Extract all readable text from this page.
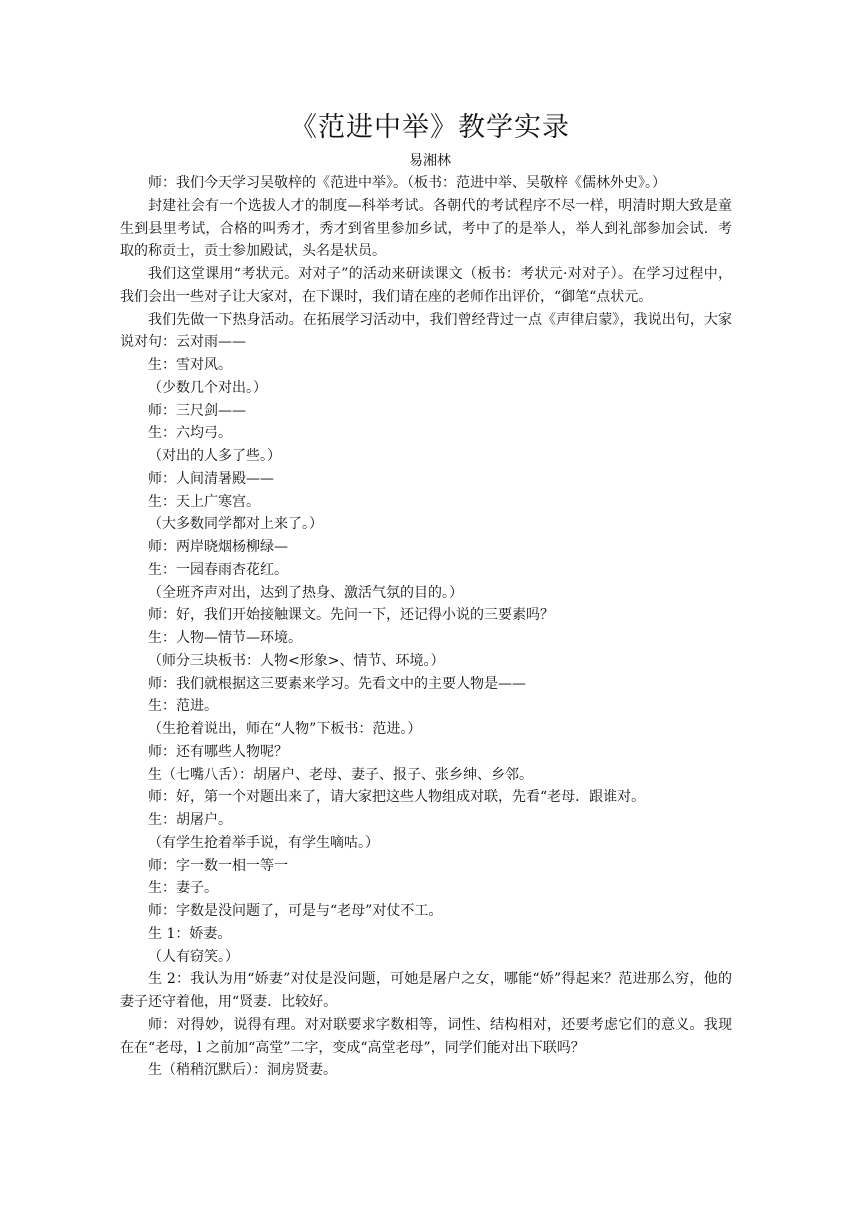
《范进中举》教学实录
易湘林

师：我们今天学习吴敬梓的《范进中举》。（板书：范进中举、吴敬梓《儒林外史》。）

封建社会有一个选拔人才的制度—科举考试。各朝代的考试程序不尽一样，明清时期大致是童生到县里考试，合格的叫秀才，秀才到省里参加乡试，考中了的是举人，举人到礼部参加会试．考取的称贡士，贡士参加殿试，头名是状员。

我们这堂课用“考状元。对对子”的活动来研读课文（板书：考状元·对对子）。在学习过程中，我们会出一些对子让大家对，在下课时，我们请在座的老师作出评价，“御笔“点状元。

我们先做一下热身活动。在拓展学习活动中，我们曾经背过一点《声律启蒙》，我说出句，大家说对句：云对雨——

生：雪对风。

（少数几个对出。）

师：三尺剑——

生：六均弓。

（对出的人多了些。）

师：人间清暑殿——

生：天上广寒宫。

（大多数同学都对上来了。）

师：两岸晓烟杨柳绿—

生：一园春雨杏花红。

（全班齐声对出，达到了热身、激活气氛的目的。）

师：好，我们开始接触课文。先问一下，还记得小说的三要素吗？

生：人物—情节—环境。

（师分三块板书：人物<形象>、情节、环境。）

师：我们就根据这三要素来学习。先看文中的主要人物是——

生：范进。

（生抢着说出，师在“人物”下板书：范进。）

师：还有哪些人物呢？

生（七嘴八舌）：胡屠户、老母、妻子、报子、张乡绅、乡邻。

师：好，第一个对题出来了，请大家把这些人物组成对联，先看“老母．跟谁对。

生：胡屠户。

（有学生抢着举手说，有学生嘀咕。）

师：字一数一相一等一

生：妻子。

师：字数是没问题了，可是与“老母”对仗不工。

生 1：娇妻。

（人有窃笑。）

生 2：我认为用“娇妻”对仗是没问题，可她是屠户之女，哪能“娇”得起来？范进那么穷，他的妻子还守着他，用“贤妻．比较好。

师：对得妙，说得有理。对对联要求字数相等，词性、结构相对，还要考虑它们的意义。我现在在“老母，l 之前加“高堂”二字，变成“高堂老母”，同学们能对出下联吗？

生（稍稍沉默后）：洞房贤妻。
